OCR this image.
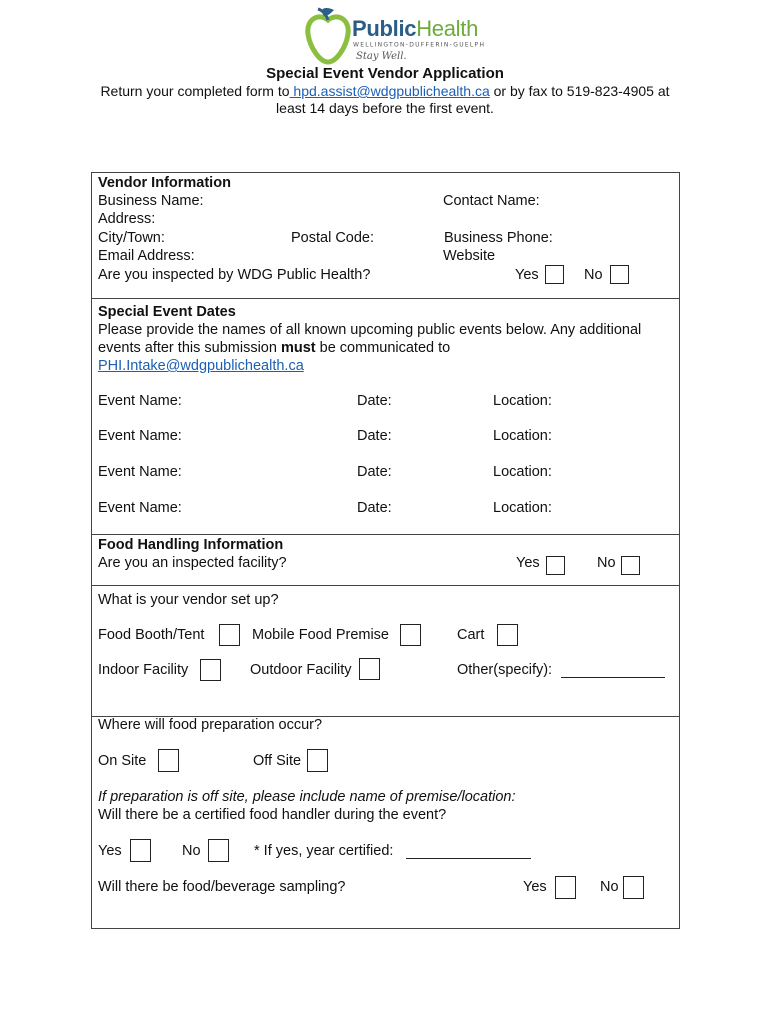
PublicHealth
WELLINGTON-DUFFERIN-GUELPH
Stay Well.
Special Event Vendor Application
Return your completed form to hpd.assist@wdgpublichealth.ca or by fax to 519-823-4905 at
least 14 days before the first event.
Vendor Information
Business Name:	Contact Name:
Address:
City/Town:	Postal Code:	Business Phone:
Email Address:	Website
Are you inspected by WDG Public Health?	Yes	No
Special Event Dates
Please provide the names of all known upcoming public events below. Any additional
events after this submission must be communicated to
PHI.Intake@wdgpublichealth.ca
Event Name:	Date:	Location:
Event Name:	Date:	Location:
Event Name:	Date:	Location:
Event Name:	Date:	Location:
Food Handling Information
Are you an inspected facility?	Yes	No
What is your vendor set up?
Food Booth/Tent	Mobile Food Premise	Cart
Indoor Facility	Outdoor Facility	Other(specify):
Where will food preparation occur?
On Site	Off Site
If preparation is off site, please include name of premise/location:
Will there be a certified food handler during the event?
Yes	No	* If yes, year certified:
Will there be food/beverage sampling?	Yes	No
